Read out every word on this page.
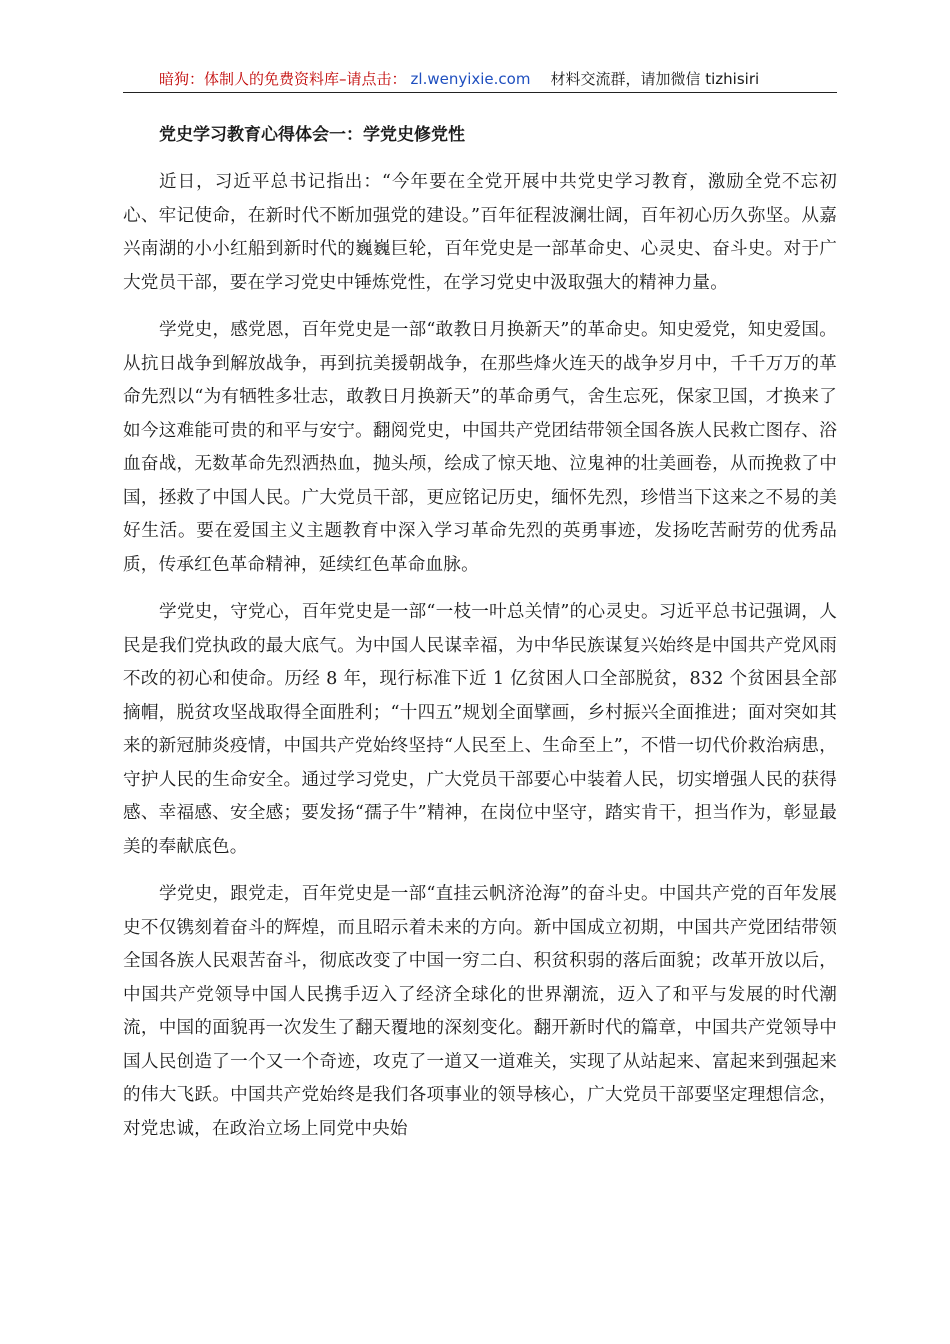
暗狗：体制人的免费资料库–请点击： zl.wenyixie.com 材料交流群，请加微信 tizhisiri
党史学习教育心得体会一：学党史修党性

近日，习近平总书记指出：“今年要在全党开展中共党史学习教育，激励全党不忘初心、牢记使命，在新时代不断加强党的建设。”百年征程波澜壮阔，百年初心历久弥坚。从嘉兴南湖的小小红船到新时代的巍巍巨轮，百年党史是一部革命史、心灵史、奋斗史。对于广大党员干部，要在学习党史中锤炼党性，在学习党史中汲取强大的精神力量。

学党史，感党恩，百年党史是一部“敢教日月换新天”的革命史。知史爱党，知史爱国。从抗日战争到解放战争，再到抗美援朝战争，在那些烽火连天的战争岁月中，千千万万的革命先烈以“为有牺牲多壮志，敢教日月换新天”的革命勇气，舍生忘死，保家卫国，才换来了如今这难能可贵的和平与安宁。翻阅党史，中国共产党团结带领全国各族人民救亡图存、浴血奋战，无数革命先烈洒热血，抛头颅，绘成了惊天地、泣鬼神的壮美画卷，从而挽救了中国，拯救了中国人民。广大党员干部，更应铭记历史，缅怀先烈，珍惜当下这来之不易的美好生活。要在爱国主义主题教育中深入学习革命先烈的英勇事迹，发扬吃苦耐劳的优秀品质，传承红色革命精神，延续红色革命血脉。

学党史，守党心，百年党史是一部“一枝一叶总关情”的心灵史。习近平总书记强调，人民是我们党执政的最大底气。为中国人民谋幸福，为中华民族谋复兴始终是中国共产党风雨不改的初心和使命。历经 8 年，现行标准下近 1 亿贫困人口全部脱贫，832 个贫困县全部摘帽，脱贫攻坚战取得全面胜利；“十四五”规划全面擘画，乡村振兴全面推进；面对突如其来的新冠肺炎疫情，中国共产党始终坚持“人民至上、生命至上”，不惜一切代价救治病患，守护人民的生命安全。通过学习党史，广大党员干部要心中装着人民，切实增强人民的获得感、幸福感、安全感；要发扬“孺子牛”精神，在岗位中坚守，踏实肯干，担当作为，彰显最美的奉献底色。

学党史，跟党走，百年党史是一部“直挂云帆济沧海”的奋斗史。中国共产党的百年发展史不仅镌刻着奋斗的辉煌，而且昭示着未来的方向。新中国成立初期，中国共产党团结带领全国各族人民艰苦奋斗，彻底改变了中国一穷二白、积贫积弱的落后面貌；改革开放以后，中国共产党领导中国人民携手迈入了经济全球化的世界潮流，迈入了和平与发展的时代潮流，中国的面貌再一次发生了翻天覆地的深刻变化。翻开新时代的篇章，中国共产党领导中国人民创造了一个又一个奇迹，攻克了一道又一道难关，实现了从站起来、富起来到强起来的伟大飞跃。中国共产党始终是我们各项事业的领导核心，广大党员干部要坚定理想信念，对党忠诚，在政治立场上同党中央始
